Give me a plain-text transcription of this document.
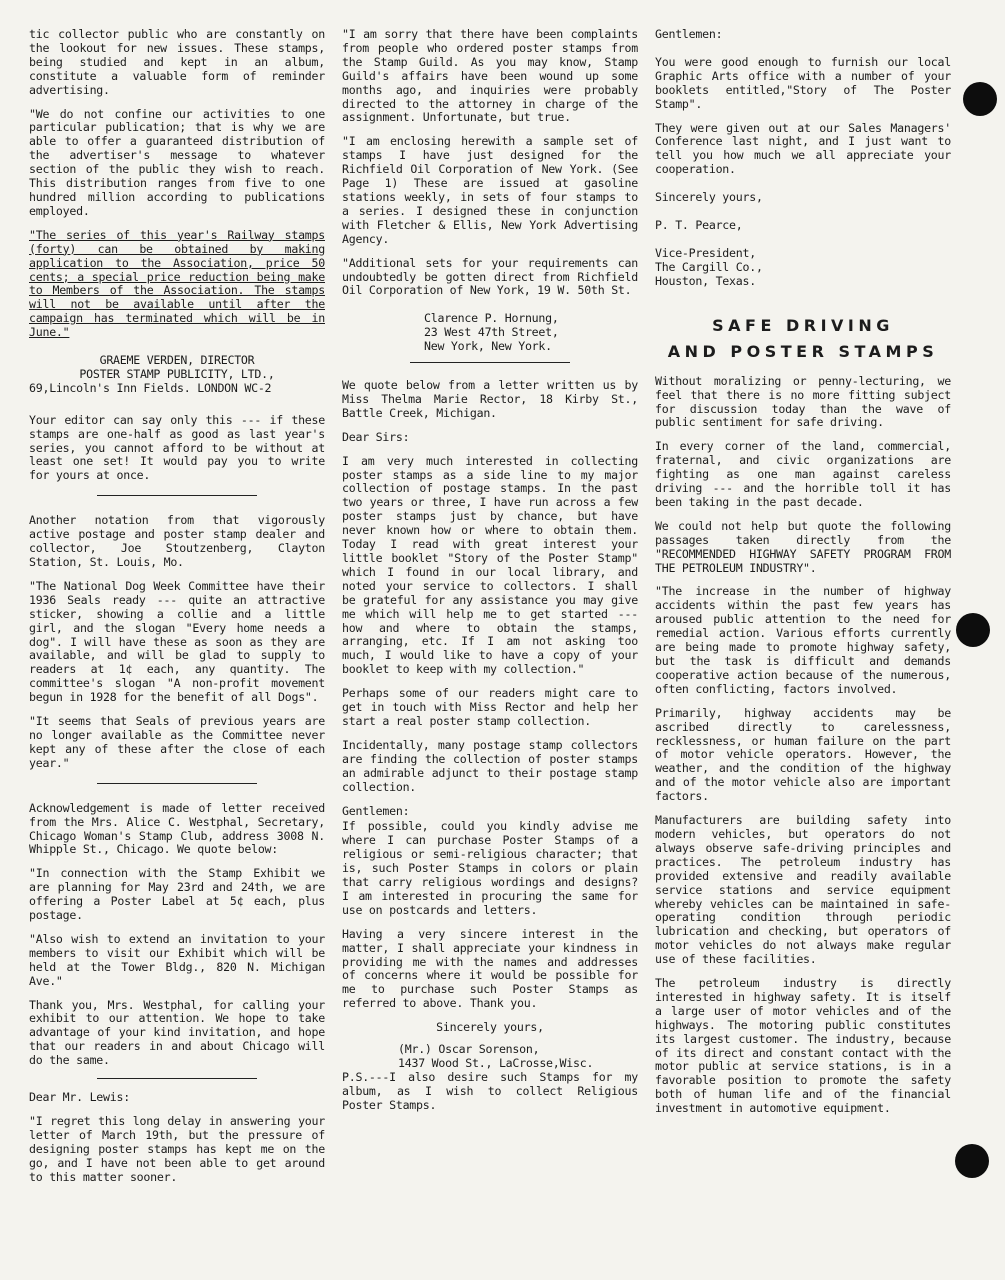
tic collector public who are constantly on the lookout for new issues. These stamps, being studied and kept in an album, constitute a valuable form of reminder advertising.

"We do not confine our activities to one particular publication; that is why we are able to offer a guaranteed distribution of the advertiser's message to whatever section of the public they wish to reach. This distribution ranges from five to one hundred million according to publications employed.

"The series of this year's Railway stamps (forty) can be obtained by making application to the Association, price 50 cents; a special price reduction being make to Members of the Association. The stamps will not be available until after the campaign has terminated which will be in June."

GRAEME VERDEN, DIRECTOR

POSTER STAMP PUBLICITY, LTD.,

69,Lincoln's Inn Fields. LONDON WC-2

Your editor can say only this --- if these stamps are one-half as good as last year's series, you cannot afford to be without at least one set! It would pay you to write for yours at once.

Another notation from that vigorously active postage and poster stamp dealer and collector, Joe Stoutzenberg, Clayton Station, St. Louis, Mo.

"The National Dog Week Committee have their 1936 Seals ready --- quite an attractive sticker, showing a collie and a little girl, and the slogan "Every home needs a dog". I will have these as soon as they are available, and will be glad to supply to readers at 1¢ each, any quantity. The committee's slogan "A non-profit movement begun in 1928 for the benefit of all Dogs".

"It seems that Seals of previous years are no longer available as the Committee never kept any of these after the close of each year."

Acknowledgement is made of letter received from the Mrs. Alice C. Westphal, Secretary, Chicago Woman's Stamp Club, address 3008 N. Whipple St., Chicago. We quote below:

"In connection with the Stamp Exhibit we are planning for May 23rd and 24th, we are offering a Poster Label at 5¢ each, plus postage.

"Also wish to extend an invitation to your members to visit our Exhibit which will be held at the Tower Bldg., 820 N. Michigan Ave."

Thank you, Mrs. Westphal, for calling your exhibit to our attention. We hope to take advantage of your kind invitation, and hope that our readers in and about Chicago will do the same.

Dear Mr. Lewis:

"I regret this long delay in answering your letter of March 19th, but the pressure of designing poster stamps has kept me on the go, and I have not been able to get around to this matter sooner.

"I am sorry that there have been complaints from people who ordered poster stamps from the Stamp Guild. As you may know, Stamp Guild's affairs have been wound up some months ago, and inquiries were probably directed to the attorney in charge of the assignment. Unfortunate, but true.

"I am enclosing herewith a sample set of stamps I have just designed for the Richfield Oil Corporation of New York. (See Page 1) These are issued at gasoline stations weekly, in sets of four stamps to a series. I designed these in conjunction with Fletcher & Ellis, New York Advertising Agency.

"Additional sets for your requirements can undoubtedly be gotten direct from Richfield Oil Corporation of New York, 19 W. 50th St.

Clarence P. Hornung,

23 West 47th Street,

New York, New York.

We quote below from a letter written us by Miss Thelma Marie Rector, 18 Kirby St., Battle Creek, Michigan.

Dear Sirs:

I am very much interested in collecting poster stamps as a side line to my major collection of postage stamps. In the past two years or three, I have run across a few poster stamps just by chance, but have never known how or where to obtain them. Today I read with great interest your little booklet "Story of the Poster Stamp" which I found in our local library, and noted your service to collectors. I shall be grateful for any assistance you may give me which will help me to get started --- how and where to obtain the stamps, arranging, etc. If I am not asking too much, I would like to have a copy of your booklet to keep with my collection."

Perhaps some of our readers might care to get in touch with Miss Rector and help her start a real poster stamp collection.

Incidentally, many postage stamp collectors are finding the collection of poster stamps an admirable adjunct to their postage stamp collection.

Gentlemen:

If possible, could you kindly advise me where I can purchase Poster Stamps of a religious or semi-religious character; that is, such Poster Stamps in colors or plain that carry religious wordings and designs? I am interested in procuring the same for use on postcards and letters.

Having a very sincere interest in the matter, I shall appreciate your kindness in providing me with the names and addresses of concerns where it would be possible for me to purchase such Poster Stamps as referred to above. Thank you.

Sincerely yours,

(Mr.) Oscar Sorenson,

1437 Wood St., LaCrosse,Wisc.

P.S.---I also desire such Stamps for my album, as I wish to collect Religious Poster Stamps.

Gentlemen:

You were good enough to furnish our local Graphic Arts office with a number of your booklets entitled,"Story of The Poster Stamp".

They were given out at our Sales Managers' Conference last night, and I just want to tell you how much we all appreciate your cooperation.

Sincerely yours,

P. T. Pearce,

Vice-President,

The Cargill Co.,

Houston, Texas.

SAFE DRIVING
AND POSTER STAMPS

Without moralizing or penny-lecturing, we feel that there is no more fitting subject for discussion today than the wave of public sentiment for safe driving.

In every corner of the land, commercial, fraternal, and civic organizations are fighting as one man against careless driving --- and the horrible toll it has been taking in the past decade.

We could not help but quote the following passages taken directly from the "RECOMMENDED HIGHWAY SAFETY PROGRAM FROM THE PETROLEUM INDUSTRY".

"The increase in the number of highway accidents within the past few years has aroused public attention to the need for remedial action. Various efforts currently are being made to promote highway safety, but the task is difficult and demands cooperative action because of the numerous, often conflicting, factors involved.

Primarily, highway accidents may be ascribed directly to carelessness, recklessness, or human failure on the part of motor vehicle operators. However, the weather, and the condition of the highway and of the motor vehicle also are important factors.

Manufacturers are building safety into modern vehicles, but operators do not always observe safe-driving principles and practices. The petroleum industry has provided extensive and readily available service stations and service equipment whereby vehicles can be maintained in safe-operating condition through periodic lubrication and checking, but operators of motor vehicles do not always make regular use of these facilities.

The petroleum industry is directly interested in highway safety. It is itself a large user of motor vehicles and of the highways. The motoring public constitutes its largest customer. The industry, because of its direct and constant contact with the motor public at service stations, is in a favorable position to promote the safety both of human life and of the financial investment in automotive equipment.
